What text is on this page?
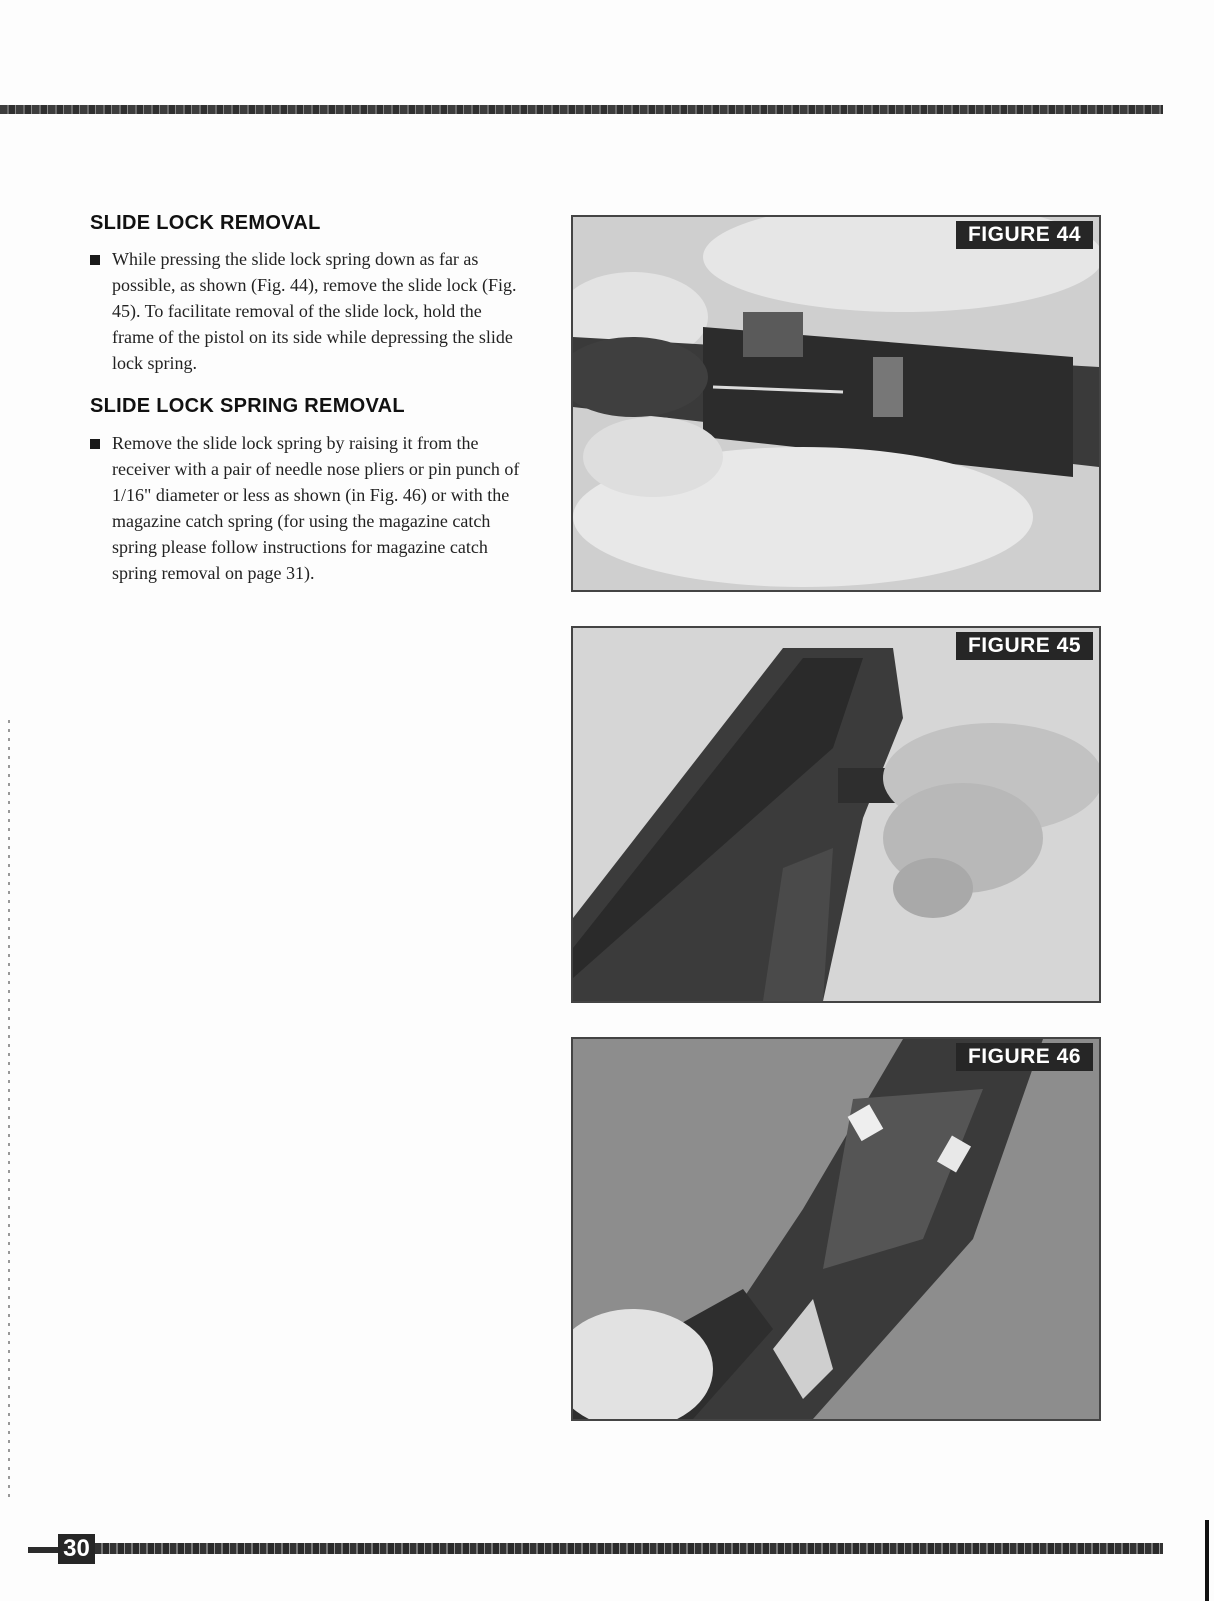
SLIDE LOCK REMOVAL

While pressing the slide lock spring down as far as possible, as shown (Fig. 44), remove the slide lock (Fig. 45). To facilitate removal of the slide lock, hold the frame of the pistol on its side while depressing the slide lock spring.

SLIDE LOCK SPRING REMOVAL

Remove the slide lock spring by raising it from the receiver with a pair of needle nose pliers or pin punch of 1/16" diameter or less as shown (in Fig. 46) or with the magazine catch spring (for using the magazine catch spring please follow instructions for magazine catch spring removal on page 31).

FIGURE 44
FIGURE 45
FIGURE 46
30
